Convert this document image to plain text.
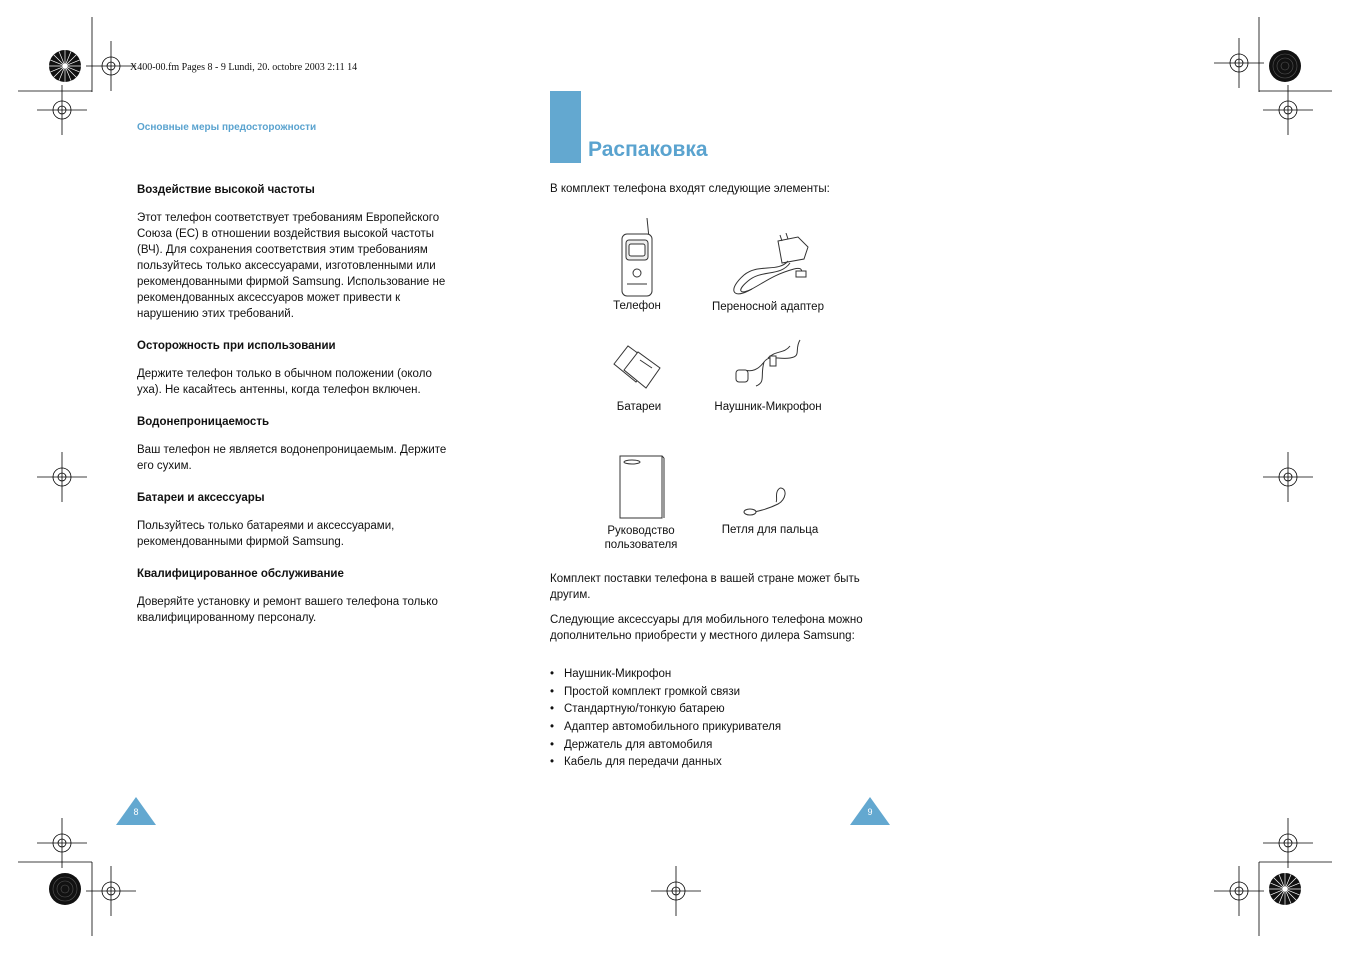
X400-00.fm Pages 8 - 9 Lundi, 20. octobre 2003 2:11 14
Основные меры предосторожности
Воздействие высокой частоты

Этот телефон соответствует требованиям Европейского Союза (ЕС) в отношении воздействия высокой частоты (ВЧ). Для сохранения соответствия этим требованиям пользуйтесь только аксессуарами, изготовленными или рекомендованными фирмой Samsung. Использование не рекомендованных аксессуаров может привести к нарушению этих требований.

Осторожность при использовании

Держите телефон только в обычном положении (около уха). Не касайтесь антенны, когда телефон включен.

Водонепроницаемость

Ваш телефон не является водонепроницаемым. Держите его сухим.

Батареи и аксессуары

Пользуйтесь только батареями и аксессуарами, рекомендованными фирмой Samsung.

Квалифицированное обслуживание

Доверяйте установку и ремонт вашего телефона только квалифицированному персоналу.

8
Распаковка
В комплект телефона входят следующие элементы:
Телефон	Переносной адаптер
Батареи	Наушник-Микрофон
Руководство
пользователя
Петля для пальца
Комплект поставки телефона в вашей стране может быть другим.
Следующие аксессуары для мобильного телефона можно дополнительно приобрести у местного дилера Samsung:
• Наушник-Микрофон
• Простой комплект громкой связи
• Стандартную/тонкую батарею
• Адаптер автомобильного прикуривателя
• Держатель для автомобиля
• Кабель для передачи данных
9
